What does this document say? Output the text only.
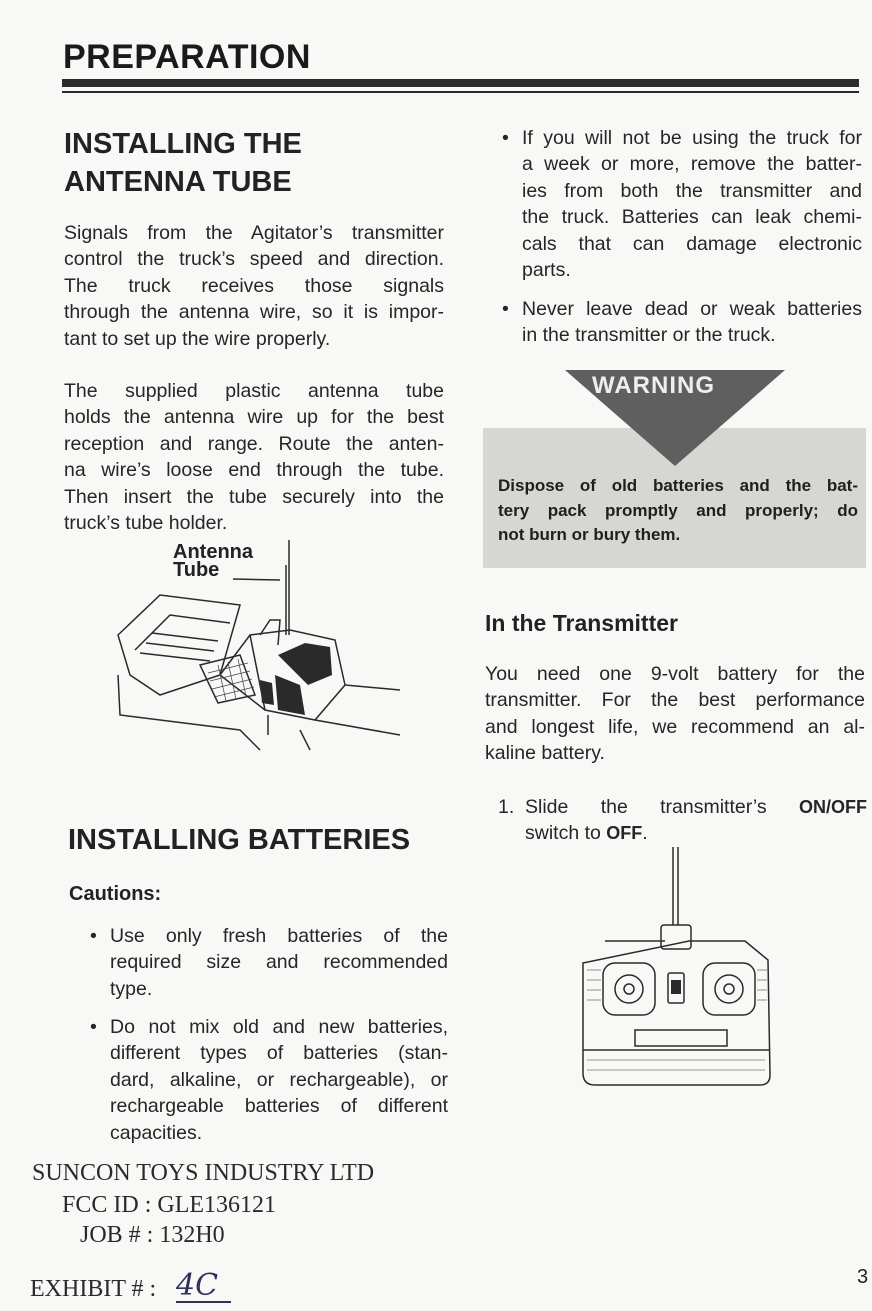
PREPARATION
INSTALLING THE
ANTENNA TUBE
Signals from the Agitator’s transmitter
control the truck’s speed and direction.
The truck receives those signals
through the antenna wire, so it is impor-
tant to set up the wire properly.
The supplied plastic antenna tube
holds the antenna wire up for the best
reception and range. Route the anten-
na wire’s loose end through the tube.
Then insert the tube securely into the
truck’s tube holder.
Antenna
Tube
INSTALLING BATTERIES
Cautions:
• Use only fresh batteries of the
required size and recommended
type.
• Do not mix old and new batteries,
different types of batteries (stan-
dard, alkaline, or rechargeable), or
rechargeable batteries of different
capacities.
• If you will not be using the truck for
a week or more, remove the batter-
ies from both the transmitter and
the truck. Batteries can leak chemi-
cals that can damage electronic
parts.
• Never leave dead or weak batteries
in the transmitter or the truck.
WARNING
Dispose of old batteries and the bat-
tery pack promptly and properly; do
not burn or bury them.
In the Transmitter
You need one 9-volt battery for the
transmitter. For the best performance
and longest life, we recommend an al-
kaline battery.
1. Slide the transmitter’s ON/OFF
switch to OFF.
SUNCON TOYS INDUSTRY LTD
FCC ID : GLE136121
JOB # : 132H0
EXHIBIT # : 4C	3
